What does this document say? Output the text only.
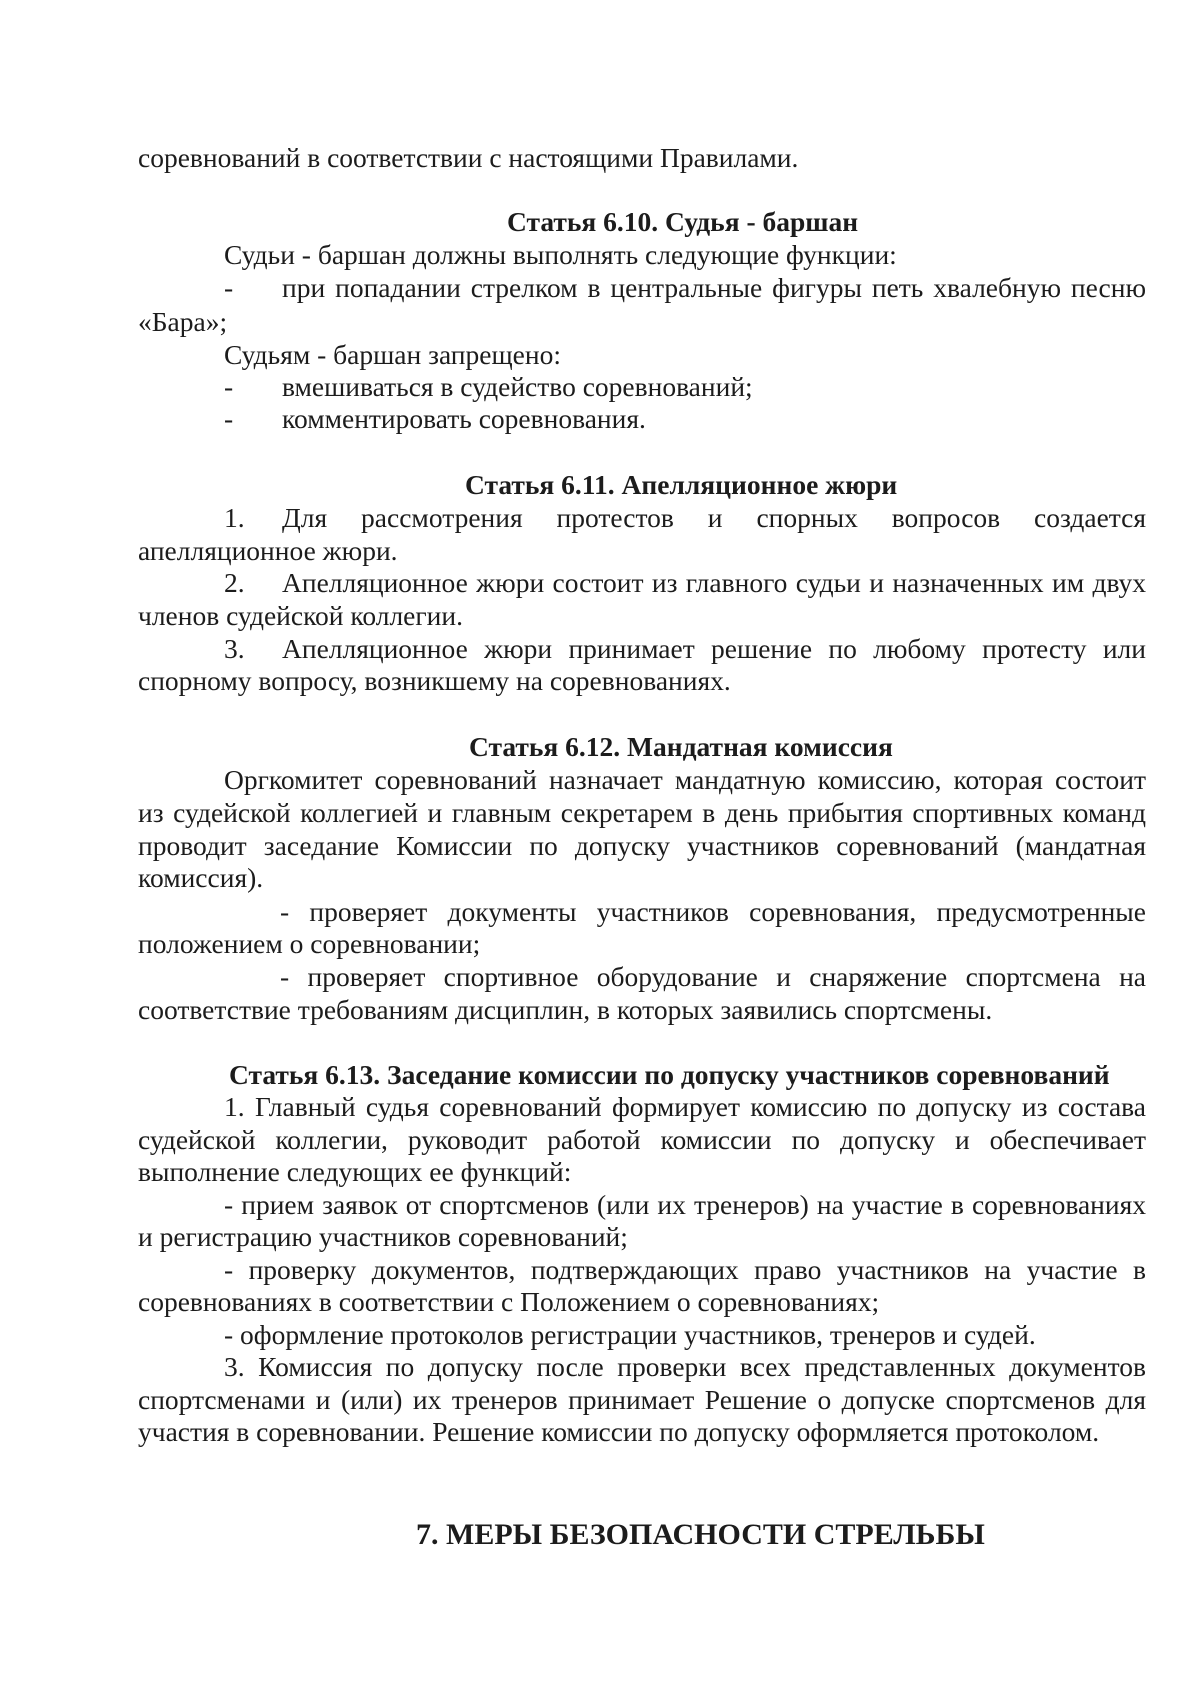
соревнований в соответствии с настоящими Правилами.
Статья 6.10. Судья - баршан
Судьи - баршан должны выполнять следующие функции:
- при попадании стрелком в центральные фигуры петь хвалебную песню
«Бара»;
Судьям - баршан запрещено:
- вмешиваться в судейство соревнований;
- комментировать соревнования.
Статья 6.11. Апелляционное жюри
1. Для рассмотрения протестов и спорных вопросов создается
апелляционное жюри.
2. Апелляционное жюри состоит из главного судьи и назначенных им двух
членов судейской коллегии.
3. Апелляционное жюри принимает решение по любому протесту или
спорному вопросу, возникшему на соревнованиях.
Статья 6.12. Мандатная комиссия
Оргкомитет соревнований назначает мандатную комиссию, которая состоит
из судейской коллегией и главным секретарем в день прибытия спортивных команд
проводит заседание Комиссии по допуску участников соревнований (мандатная
комиссия).
- проверяет документы участников соревнования, предусмотренные
положением о соревновании;
- проверяет спортивное оборудование и снаряжение спортсмена на
соответствие требованиям дисциплин, в которых заявились спортсмены.
Статья 6.13. Заседание комиссии по допуску участников соревнований
1. Главный судья соревнований формирует комиссию по допуску из состава
судейской коллегии, руководит работой комиссии по допуску и обеспечивает
выполнение следующих ее функций:
- прием заявок от спортсменов (или их тренеров) на участие в соревнованиях
и регистрацию участников соревнований;
- проверку документов, подтверждающих право участников на участие в
соревнованиях в соответствии с Положением о соревнованиях;
- оформление протоколов регистрации участников, тренеров и судей.
3. Комиссия по допуску после проверки всех представленных документов
спортсменами и (или) их тренеров принимает Решение о допуске спортсменов для
участия в соревновании. Решение комиссии по допуску оформляется протоколом.
7. МЕРЫ БЕЗОПАСНОСТИ СТРЕЛЬБЫ
